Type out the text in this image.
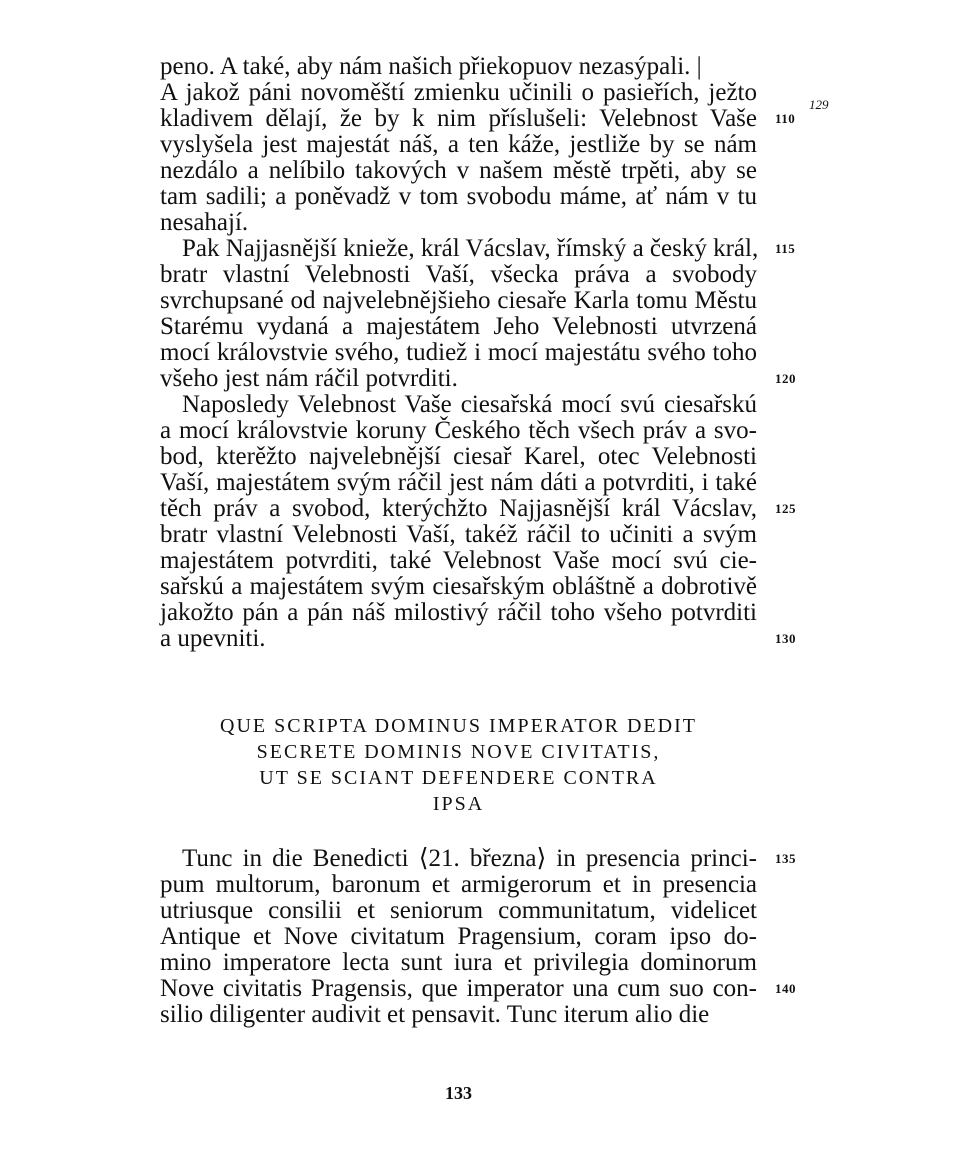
peno. A také, aby nám našich přiekopuov nezasýpali. |
A jakož páni novoměští zmienku učinili o pasieřích, ježto
kladivem dělají, že by k nim příslušeli: Velebnost Vaše 110
vyslyšela jest majestát náš, a ten káže, jestliže by se nám
nezdálo a nelíbilo takových v našem městě trpěti, aby se
tam sadili; a poněvadž v tom svobodu máme, ať nám v tu
nesahají.
Pak Najjasnější knieže, král Vácslav, římský a český král, 115
bratr vlastní Velebnosti Vaší, všecka práva a svobody
svrchupsané od najvelebnějšieho ciesaře Karla tomu Městu
Starému vydaná a majestátem Jeho Velebnosti utvrzená
mocí královstvie svého, tudiež i mocí majestátu svého toho
všeho jest nám ráčil potvrditi.	120
Naposledy Velebnost Vaše ciesařská mocí svú ciesařskú
a mocí královstvie koruny Českého těch všech práv a svo-
bod, kterěžto najvelebnější ciesař Karel, otec Velebnosti
Vaší, majestátem svým ráčil jest nám dáti a potvrditi, i také
těch práv a svobod, kterýchžto Najjasnější král Vácslav, 125
bratr vlastní Velebnosti Vaší, takéž ráčil to učiniti a svým
majestátem potvrditi, také Velebnost Vaše mocí svú cie-
sařskú a majestátem svým ciesařským obláštně a dobrotivě
jakožto pán a pán náš milostivý ráčil toho všeho potvrditi
a upevniti.	130
QUE SCRIPTA DOMINUS IMPERATOR DEDIT
SECRETE DOMINIS NOVE CIVITATIS,
UT SE SCIANT DEFENDERE CONTRA
IPSA
Tunc in die Benedicti ⟨21. března⟩ in presencia princi- 135
pum multorum, baronum et armigerorum et in presencia
utriusque consilii et seniorum communitatum, videlicet
Antique et Nove civitatum Pragensium, coram ipso do-
mino imperatore lecta sunt iura et privilegia dominorum
Nove civitatis Pragensis, que imperator una cum suo con- 140
silio diligenter audivit et pensavit. Tunc iterum alio die
129
133
